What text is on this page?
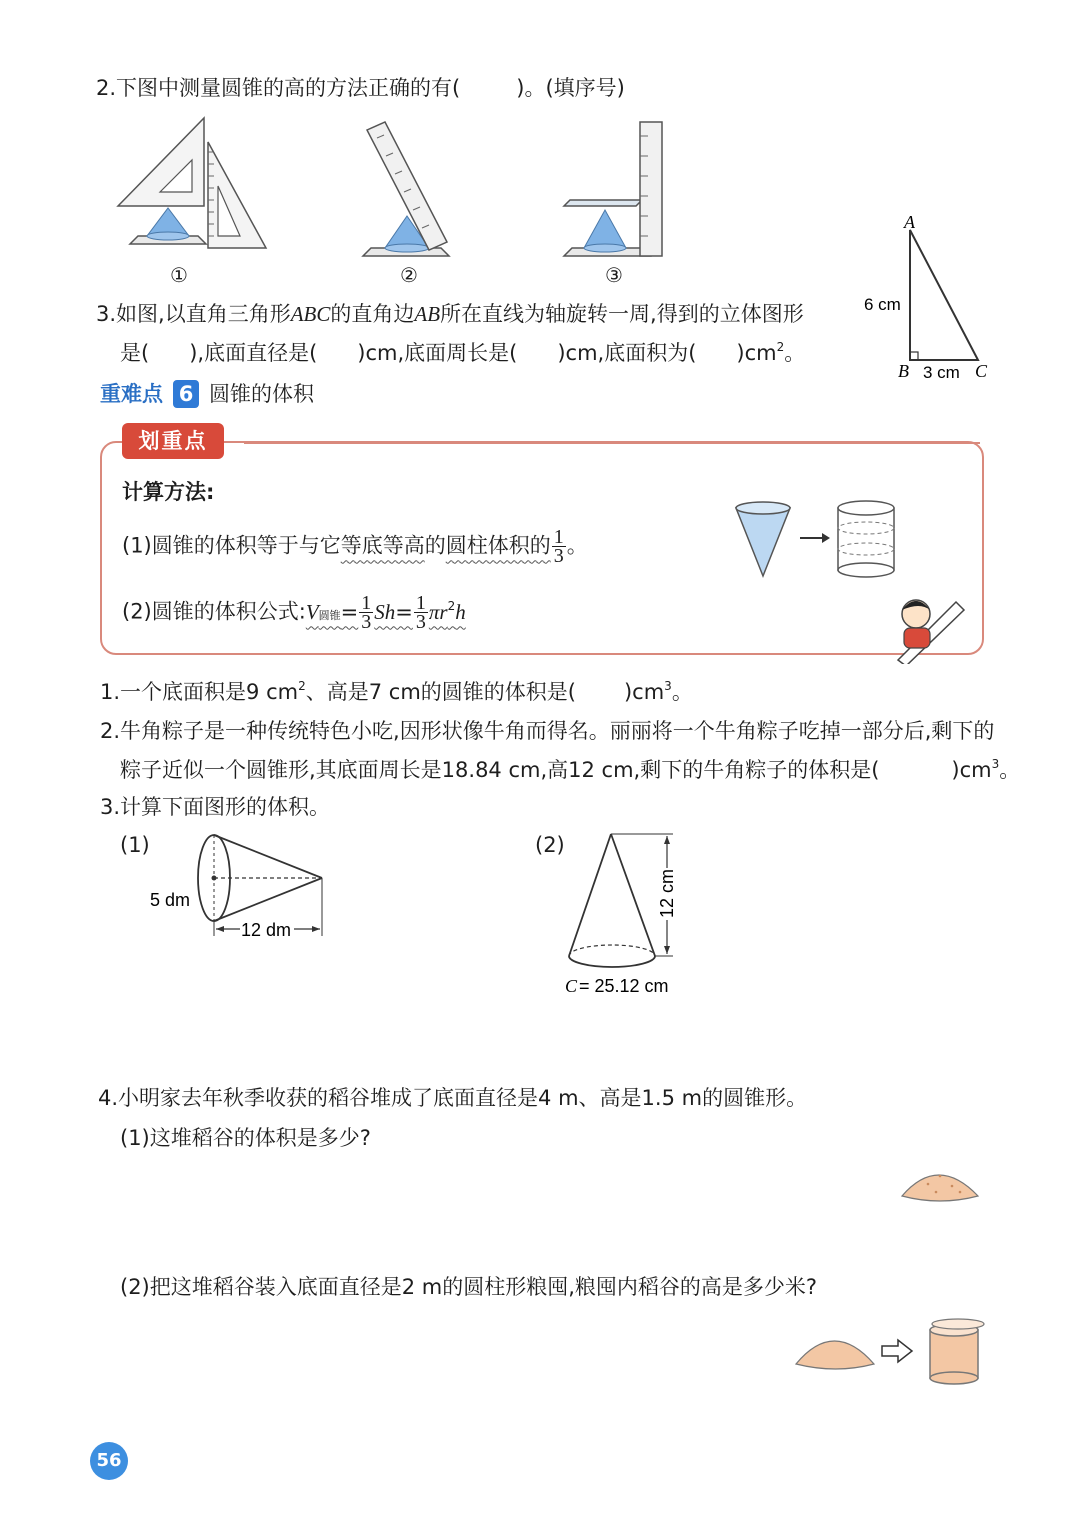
2.下图中测量圆锥的高的方法正确的有(	)。(填序号)
①	②	③
A
B	C
6 cm
3 cm
3.如图,以直角三角形ABC的直角边AB所在直线为轴旋转一周,得到的立体图形
是( ),底面直径是( )cm,底面周长是( )cm,底面积为( )$cm^2$。
重难点 6 圆锥的体积
划重点
计算方法:
(1)圆锥的体积等于与它等底等高的圆柱体积的 $\frac{1}{3}$ 。
(2)圆锥的体积公式:V圆锥= $\frac{1}{3} Sh= \frac{1}{3} \pi r^2h$
1.一个底面积是9 $cm^2$、高是7 cm的圆锥的体积是( )$cm^3$。
2.牛角粽子是一种传统特色小吃,因形状像牛角而得名。丽丽将一个牛角粽子吃掉一部分后,剩下的
粽子近似一个圆锥形,其底面周长是18.84 cm,高12 cm,剩下的牛角粽子的体积是(	)$cm^3$。
3.计算下面图形的体积。
(1)
12 dm
5 dm
(2)
12 cm
C = 25.12 cm
4.小明家去年秋季收获的稻谷堆成了底面直径是4 m、高是1.5 m的圆锥形。
(1)这堆稻谷的体积是多少?
(2)把这堆稻谷装入底面直径是2 m的圆柱形粮囤,粮囤内稻谷的高是多少米?
56
